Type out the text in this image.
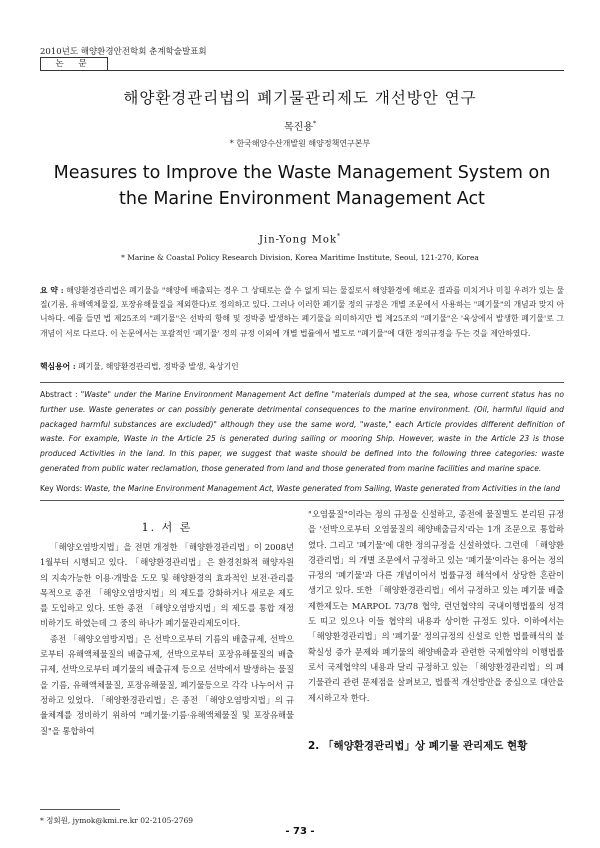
2010년도 해양환경안전학회 춘계학술발표회
논 문
해양환경관리법의 폐기물관리제도 개선방안 연구
목진용*
* 한국해양수산개발원 해양정책연구본부
Measures to Improve the Waste Management System on the Marine Environment Management Act
Jin-Yong Mok*
* Marine & Coastal Policy Research Division, Korea Maritime Institute, Seoul, 121-270, Korea
요 약 : 해양환경관리법은 폐기물을 "해양에 배출되는 경우 그 상태로는 쓸 수 없게 되는 물질로서 해양환경에 해로운 결과를 미치거나 미칠 우려가 있는 물질(기름, 유해액체물질, 포장유해물질을 제외한다)로 정의하고 있다. 그러나 이러한 폐기물 정의 규정은 개별 조문에서 사용하는 "폐기물"의 개념과 맞지 아니하다. 예를 들면 법 제25조의 "폐기물"은 선박의 항해 및 정박중 발생하는 폐기물을 의미하지만 법 제25조의 "폐기물"은 '육상에서 발생한 폐기물'로 그 개념이 서로 다르다. 이 논문에서는 포괄적인 '폐기물' 정의 규정 이외에 개별 법률에서 별도로 "폐기물"에 대한 정의규정을 두는 것을 제안하였다.
핵심용어 : 폐기물, 해양환경관리법, 정박중 발생, 육상기인
Abstract : "Waste" under the Marine Environment Management Act define "materials dumped at the sea, whose current status has no further use. Waste generates or can possibly generate detrimental consequences to the marine environment. (Oil, harmful liquid and packaged harmful substances are excluded)" although they use the same word, "waste," each Article provides different definition of waste. For example, Waste in the Article 25 is generated during sailing or mooring Ship. However, waste in the Article 23 is those produced Activities in the land. In this paper, we suggest that waste should be defined into the following three categories: waste generated from public water reclamation, those generated from land and those generated from marine facilities and marine space.
Key Words: Waste, the Marine Environment Management Act, Waste generated from Sailing, Waste generated from Activities in the land
1. 서 론

「해양오염방지법」을 전면 개정한 「해양환경관리법」이 2008년 1월부터 시행되고 있다. 「해양환경관리법」은 환경친화적 해양자원의 지속가능한 이용·개발을 도모 및 해양환경의 효과적인 보전·관리를 목적으로 종전 「해양오염방지법」의 제도를 강화하거나 새로운 제도를 도입하고 있다. 또한 종전 「해양오염방지법」의 제도를 통합 재정비하기도 하였는데 그 중의 하나가 폐기물관리제도이다.

종전 「해양오염방지법」은 선박으로부터 기름의 배출규제, 선박으로부터 유해액체물질의 배출규제, 선박으로부터 포장유해물질의 배출규제, 선박으로부터 폐기물의 배출규제 등으로 선박에서 발생하는 물질을 기름, 유해액체물질, 포장유해물질, 폐기물등으로 각각 나누어서 규정하고 있었다. 「해양환경관리법」은 종전 「해양오염방지법」의 규율체계를 정비하기 위하여 "폐기물·기름·유해액체물질 및 포장유해물질"을 통합하여

"오염물질"이라는 정의 규정을 신설하고, 종전에 물질별도 분리된 규정을 '선박으로부터 오염물질의 해양배출금지'라는 1개 조문으로 통합하였다. 그리고 '폐기물'에 대한 정의규정을 신설하였다. 그런데 「해양환경관리법」의 개별 조문에서 규정하고 있는 '폐기물'이라는 용어는 정의규정의 '폐기물'과 다른 개념이어서 법률규정 해석에서 상당한 혼란이 생기고 있다. 또한 「해양환경관리법」에서 규정하고 있는 폐기물 배출제한제도는 MARPOL 73/78 협약, 런던협약의 국내이행법률의 성격도 띠고 있으나 이들 협약의 내용과 상이한 규정도 있다. 이하에서는 「해양환경관리법」의 '폐기물' 정의규정의 신설로 인한 법률해석의 불확실성 증가 문제와 폐기물의 해양배출과 관련한 국제협약의 이행법률로서 국제협약의 내용과 달리 규정하고 있는 「해양환경관리법」의 폐기물관리 관련 문제점을 살펴보고, 법률적 개선방안을 중심으로 대안을 제시하고자 한다.

2. 「해양환경관리법」상 폐기물 관리제도 현황
* 정회원, jymok@kmi.re.kr 02-2105-2769
- 73 -
